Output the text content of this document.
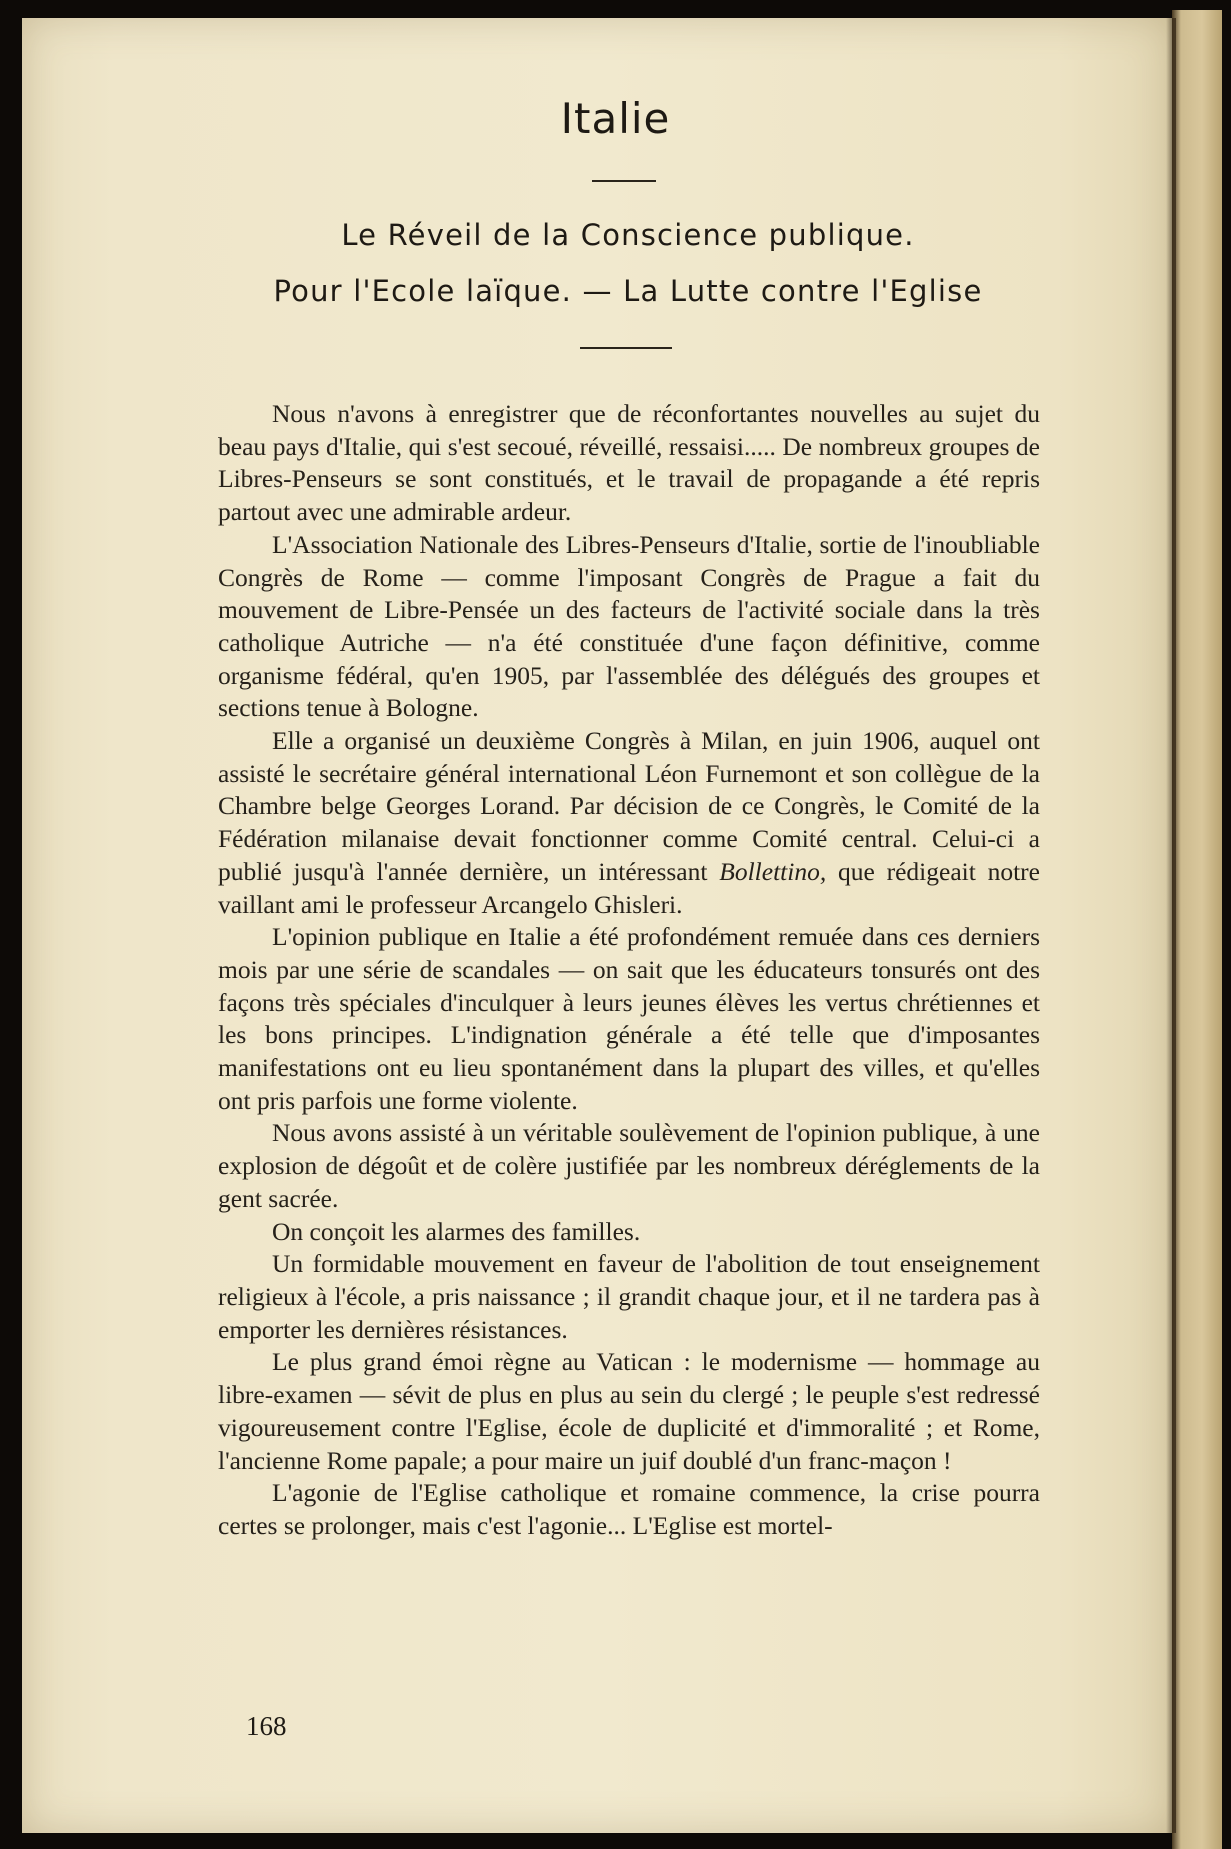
Italie
Le Réveil de la Conscience publique.
Pour l'Ecole laïque. — La Lutte contre l'Eglise

Nous n'avons à enregistrer que de réconfortantes nouvelles au sujet du beau pays d'Italie, qui s'est secoué, réveillé, ressaisi..... De nombreux groupes de Libres-Penseurs se sont constitués, et le travail de propagande a été repris partout avec une admirable ardeur.

L'Association Nationale des Libres-Penseurs d'Italie, sortie de l'inoubliable Congrès de Rome — comme l'imposant Congrès de Prague a fait du mouvement de Libre-Pensée un des facteurs de l'activité sociale dans la très catholique Autriche — n'a été constituée d'une façon définitive, comme organisme fédéral, qu'en 1905, par l'assemblée des délégués des groupes et sections tenue à Bologne.

Elle a organisé un deuxième Congrès à Milan, en juin 1906, auquel ont assisté le secrétaire général international Léon Furnemont et son collègue de la Chambre belge Georges Lorand. Par décision de ce Congrès, le Comité de la Fédération milanaise devait fonctionner comme Comité central. Celui-ci a publié jusqu'à l'année dernière, un intéressant Bollettino, que rédigeait notre vaillant ami le professeur Arcangelo Ghisleri.

L'opinion publique en Italie a été profondément remuée dans ces derniers mois par une série de scandales — on sait que les éducateurs tonsurés ont des façons très spéciales d'inculquer à leurs jeunes élèves les vertus chrétiennes et les bons principes. L'indignation générale a été telle que d'imposantes manifestations ont eu lieu spontanément dans la plupart des villes, et qu'elles ont pris parfois une forme violente.

Nous avons assisté à un véritable soulèvement de l'opinion publique, à une explosion de dégoût et de colère justifiée par les nombreux déréglements de la gent sacrée.

On conçoit les alarmes des familles.

Un formidable mouvement en faveur de l'abolition de tout enseignement religieux à l'école, a pris naissance ; il grandit chaque jour, et il ne tardera pas à emporter les dernières résistances.

Le plus grand émoi règne au Vatican : le modernisme — hommage au libre-examen — sévit de plus en plus au sein du clergé ; le peuple s'est redressé vigoureusement contre l'Eglise, école de duplicité et d'immoralité ; et Rome, l'ancienne Rome papale; a pour maire un juif doublé d'un franc-maçon !

L'agonie de l'Eglise catholique et romaine commence, la crise pourra certes se prolonger, mais c'est l'agonie... L'Eglise est mortel-

168
